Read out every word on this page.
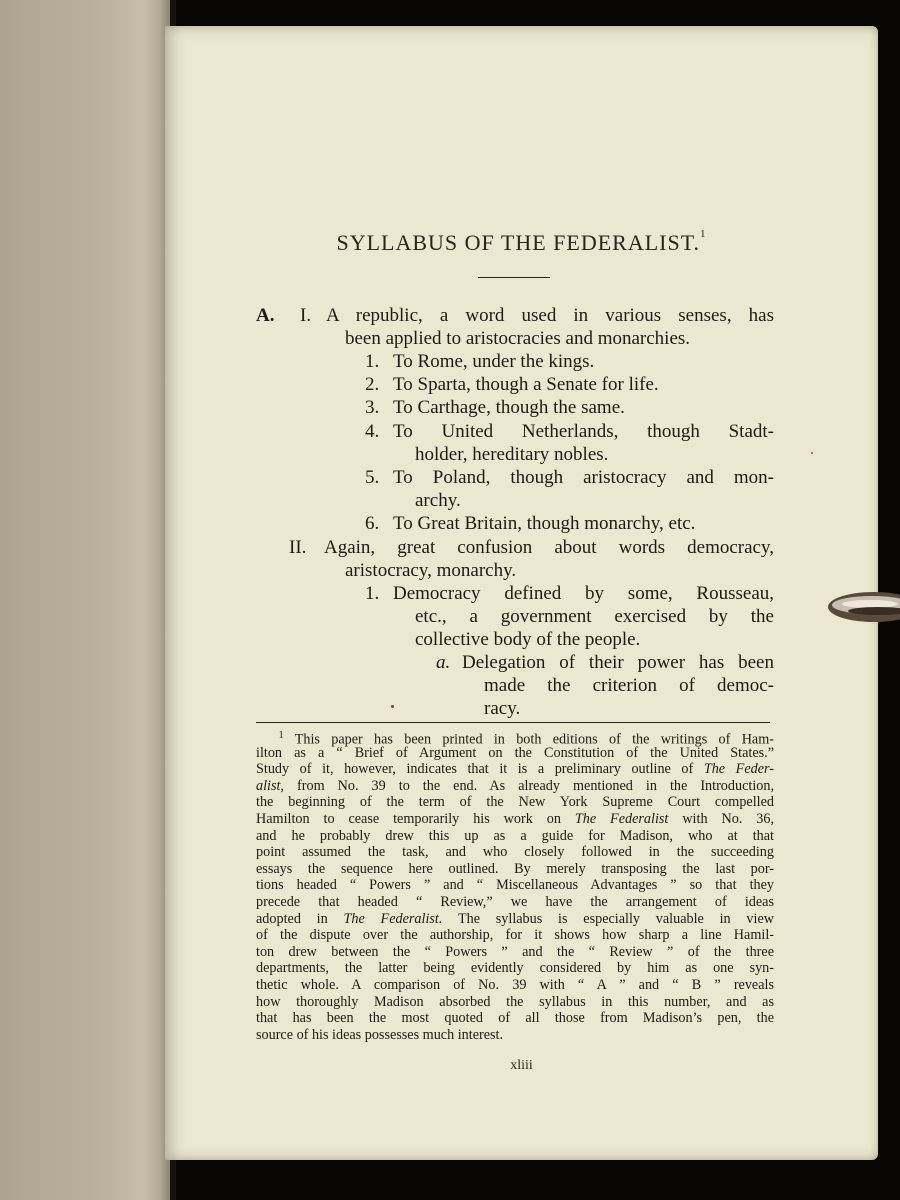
SYLLABUS OF THE FEDERALIST.$^1$
A. I. A republic, a word used in various senses, has
been applied to aristocracies and monarchies.
1. To Rome, under the kings.
2. To Sparta, though a Senate for life.
3. To Carthage, though the same.
4. To United Netherlands, though Stadt-
holder, hereditary nobles.
5. To Poland, though aristocracy and mon-
archy.
6. To Great Britain, though monarchy, etc.
II. Again, great confusion about words democracy,
aristocracy, monarchy.
1. Democracy defined by some, Rousseau,
etc., a government exercised by the
collective body of the people.
a. Delegation of their power has been
made the criterion of democ-
racy.
$^1$ This paper has been printed in both editions of the writings of Ham-
ilton as a “ Brief of Argument on the Constitution of the United States.”
Study of it, however, indicates that it is a preliminary outline of The Feder-
alist, from No. 39 to the end. As already mentioned in the Introduction,
the beginning of the term of the New York Supreme Court compelled
Hamilton to cease temporarily his work on The Federalist with No. 36,
and he probably drew this up as a guide for Madison, who at that
point assumed the task, and who closely followed in the succeeding
essays the sequence here outlined. By merely transposing the last por-
tions headed “ Powers ” and “ Miscellaneous Advantages ” so that they
precede that headed “ Review,” we have the arrangement of ideas
adopted in The Federalist. The syllabus is especially valuable in view
of the dispute over the authorship, for it shows how sharp a line Hamil-
ton drew between the “ Powers ” and the “ Review ” of the three
departments, the latter being evidently considered by him as one syn-
thetic whole. A comparison of No. 39 with “ A ” and “ B ” reveals
how thoroughly Madison absorbed the syllabus in this number, and as
that has been the most quoted of all those from Madison’s pen, the
source of his ideas possesses much interest.
xliii
